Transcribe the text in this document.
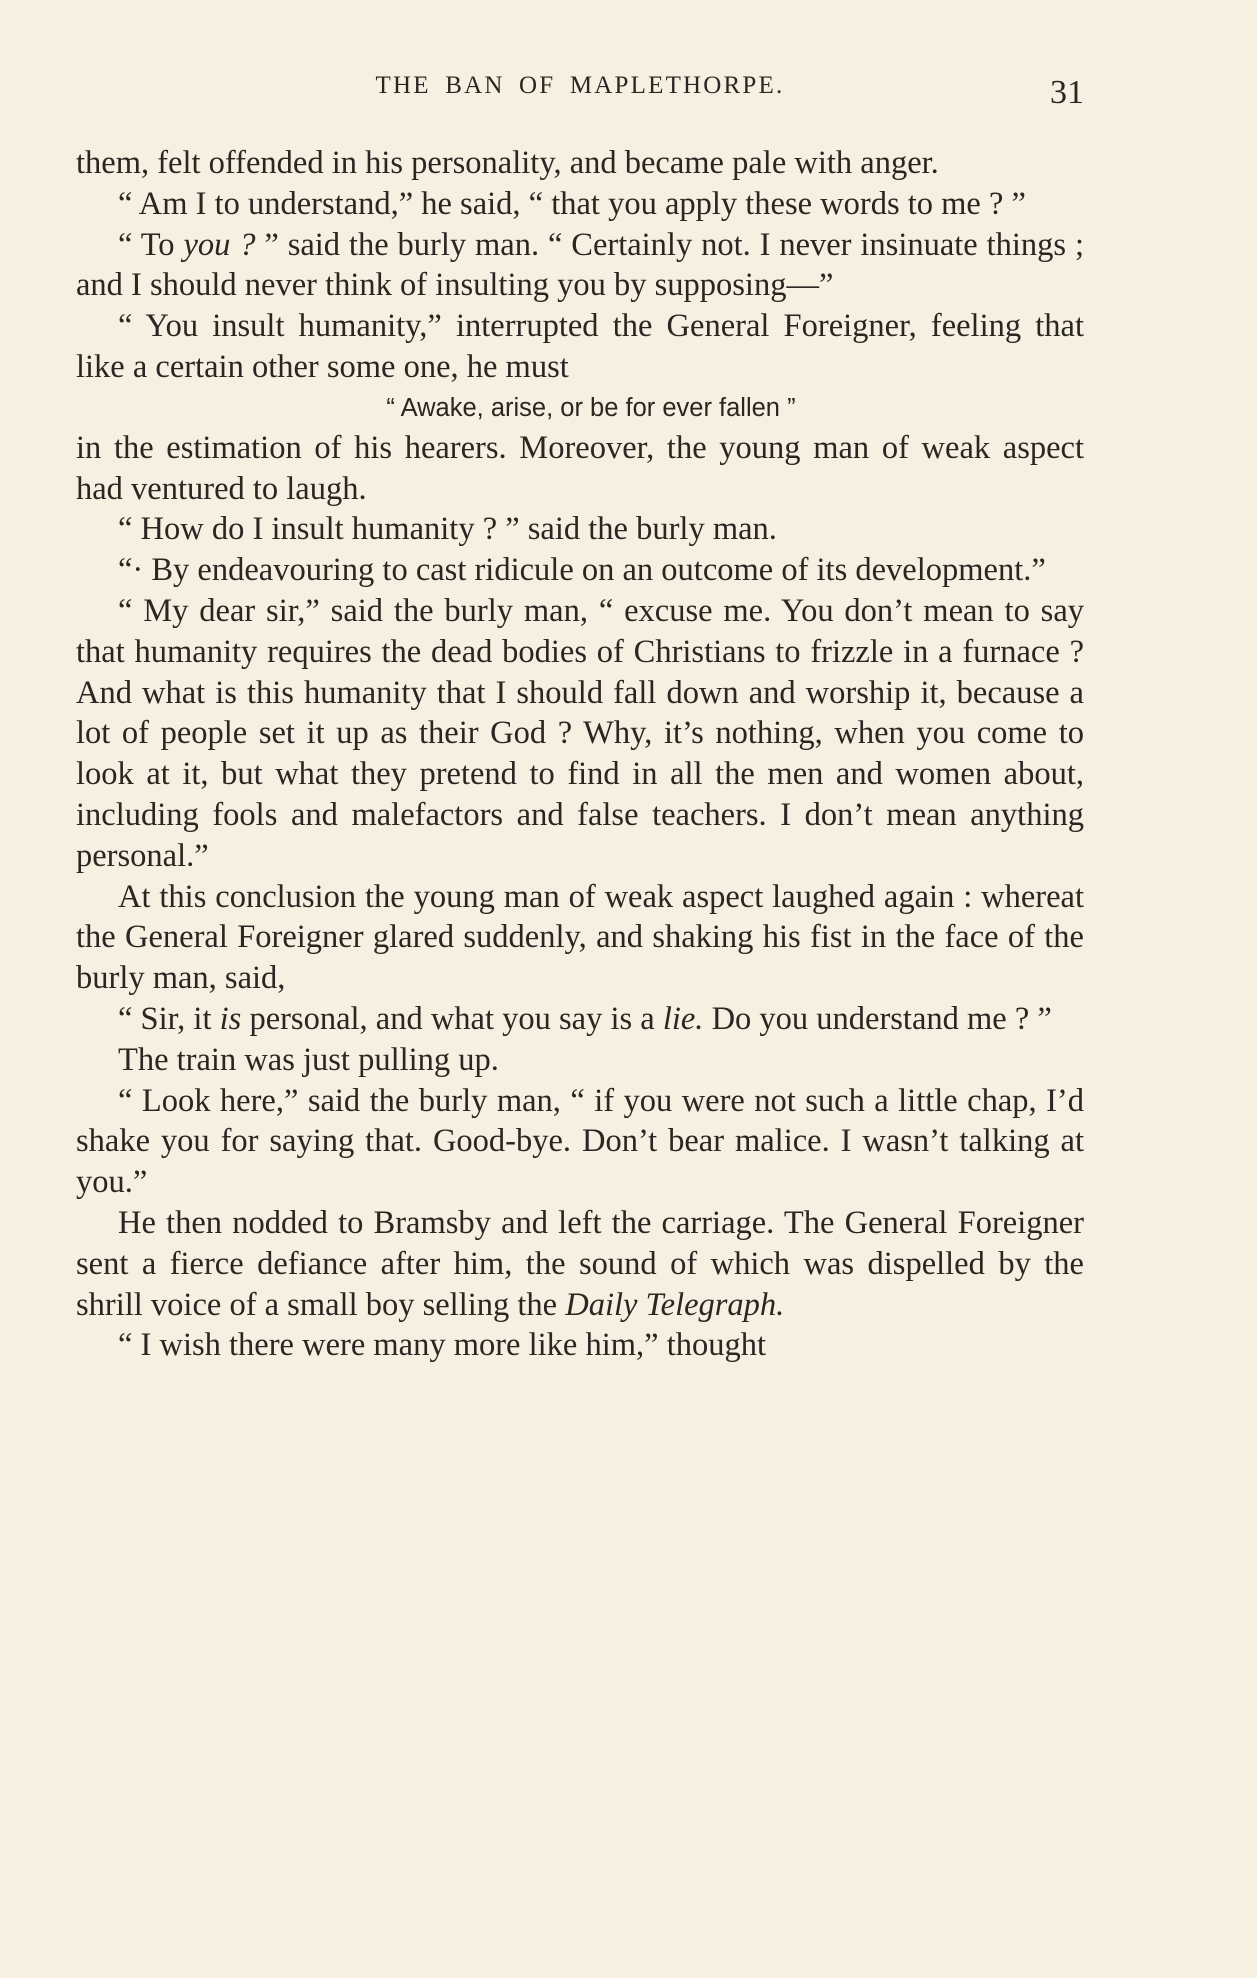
THE BAN OF MAPLETHORPE.	31

them, felt offended in his personality, and became pale with anger.

“ Am I to understand,” he said, “ that you apply these words to me ? ”

“ To you ? ” said the burly man. “ Certainly not. I never insinuate things ; and I should never think of insulting you by supposing—”

“ You insult humanity,” interrupted the General Foreigner, feeling that like a certain other some one, he must

“ Awake, arise, or be for ever fallen ”

in the estimation of his hearers. Moreover, the young man of weak aspect had ventured to laugh.

“ How do I insult humanity ? ” said the burly man.

“· By endeavouring to cast ridicule on an outcome of its development.”

“ My dear sir,” said the burly man, “ excuse me. You don’t mean to say that humanity requires the dead bodies of Christians to frizzle in a furnace ? And what is this humanity that I should fall down and worship it, because a lot of people set it up as their God ? Why, it’s nothing, when you come to look at it, but what they pretend to find in all the men and women about, including fools and malefactors and false teachers. I don’t mean anything personal.”

At this conclusion the young man of weak aspect laughed again : whereat the General Foreigner glared suddenly, and shaking his fist in the face of the burly man, said,

“ Sir, it is personal, and what you say is a lie. Do you understand me ? ”

The train was just pulling up.

“ Look here,” said the burly man, “ if you were not such a little chap, I’d shake you for saying that. Good-bye. Don’t bear malice. I wasn’t talking at you.”

He then nodded to Bramsby and left the carriage. The General Foreigner sent a fierce defiance after him, the sound of which was dispelled by the shrill voice of a small boy selling the Daily Telegraph.

“ I wish there were many more like him,” thought
